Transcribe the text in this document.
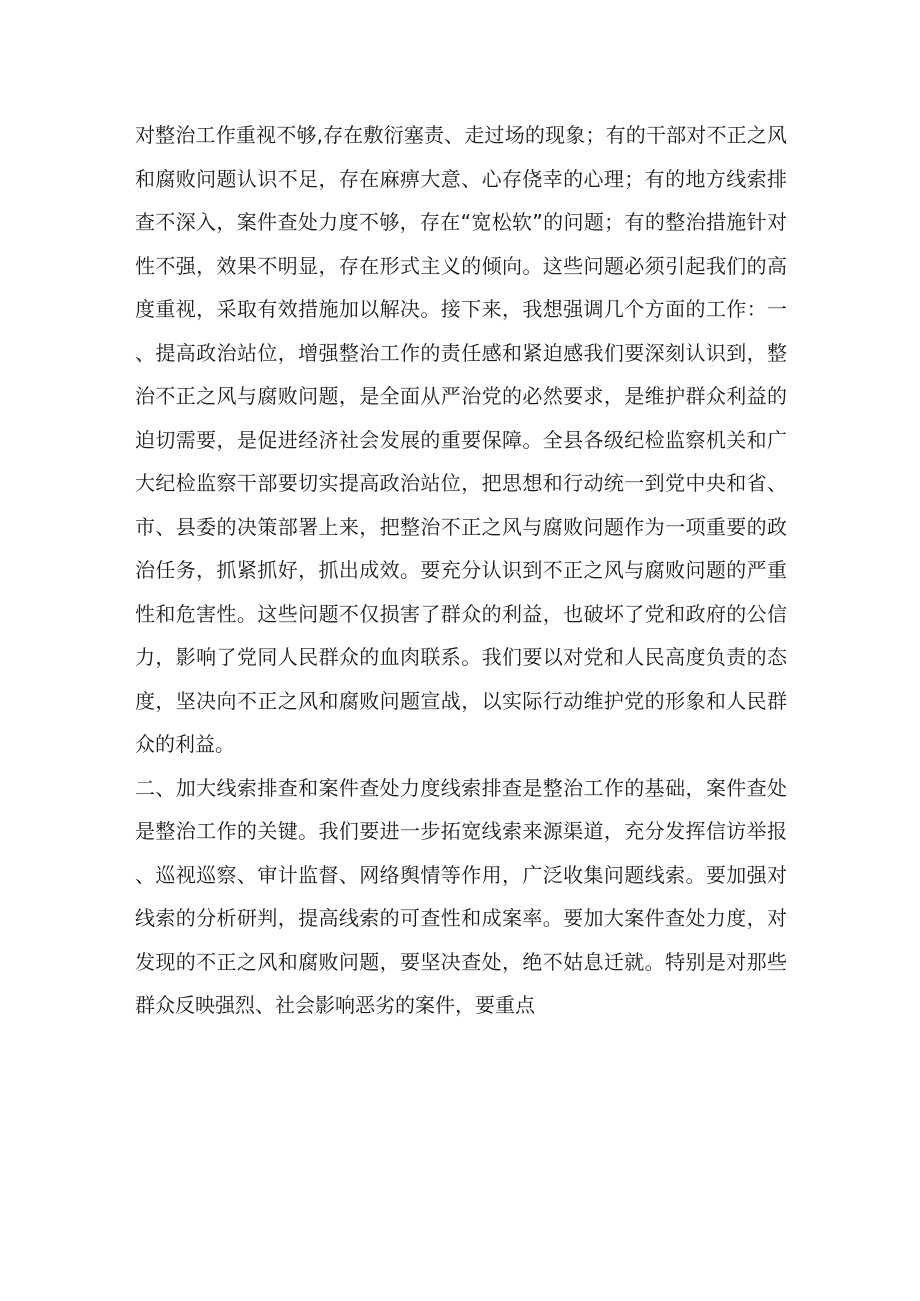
对整治工作重视不够,存在敷衍塞责、走过场的现象；有的干部对不正之风和腐败问题认识不足，存在麻痹大意、心存侥幸的心理；有的地方线索排查不深入，案件查处力度不够，存在“宽松软”的问题；有的整治措施针对性不强，效果不明显，存在形式主义的倾向。这些问题必须引起我们的高度重视，采取有效措施加以解决。接下来，我想强调几个方面的工作：一、提高政治站位，增强整治工作的责任感和紧迫感我们要深刻认识到，整治不正之风与腐败问题，是全面从严治党的必然要求，是维护群众利益的迫切需要，是促进经济社会发展的重要保障。全县各级纪检监察机关和广大纪检监察干部要切实提高政治站位，把思想和行动统一到党中央和省、市、县委的决策部署上来，把整治不正之风与腐败问题作为一项重要的政治任务，抓紧抓好，抓出成效。要充分认识到不正之风与腐败问题的严重性和危害性。这些问题不仅损害了群众的利益，也破坏了党和政府的公信力，影响了党同人民群众的血肉联系。我们要以对党和人民高度负责的态度，坚决向不正之风和腐败问题宣战，以实际行动维护党的形象和人民群众的利益。

二、加大线索排查和案件查处力度线索排查是整治工作的基础，案件查处是整治工作的关键。我们要进一步拓宽线索来源渠道，充分发挥信访举报、巡视巡察、审计监督、网络舆情等作用，广泛收集问题线索。要加强对线索的分析研判，提高线索的可查性和成案率。要加大案件查处力度，对发现的不正之风和腐败问题，要坚决查处，绝不姑息迁就。特别是对那些群众反映强烈、社会影响恶劣的案件，要重点
